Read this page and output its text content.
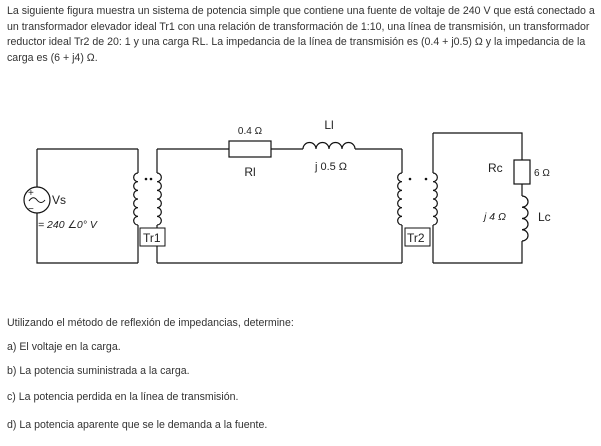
La siguiente figura muestra un sistema de potencia simple que contiene una fuente de voltaje de 240 V que está conectado a un transformador elevador ideal Tr1 con una relación de transformación de 1:10, una línea de transmisión, un transformador reductor ideal Tr2 de 20: 1 y una carga RL. La impedancia de la línea de transmisión es (0.4 + j0.5) Ω y la impedancia de la carga es (6 + j4) Ω.

+
−
Vs
= 240 ∠0° V
Tr1
0.4 Ω
Rl
Ll
j 0.5 Ω
Tr2
Rc	6 Ω
j 4 Ω	Lc

Utilizando el método de reflexión de impedancias, determine:

a) El voltaje en la carga.

b) La potencia suministrada a la carga.

c) La potencia perdida en la línea de transmisión.

d) La potencia aparente que se le demanda a la fuente.
